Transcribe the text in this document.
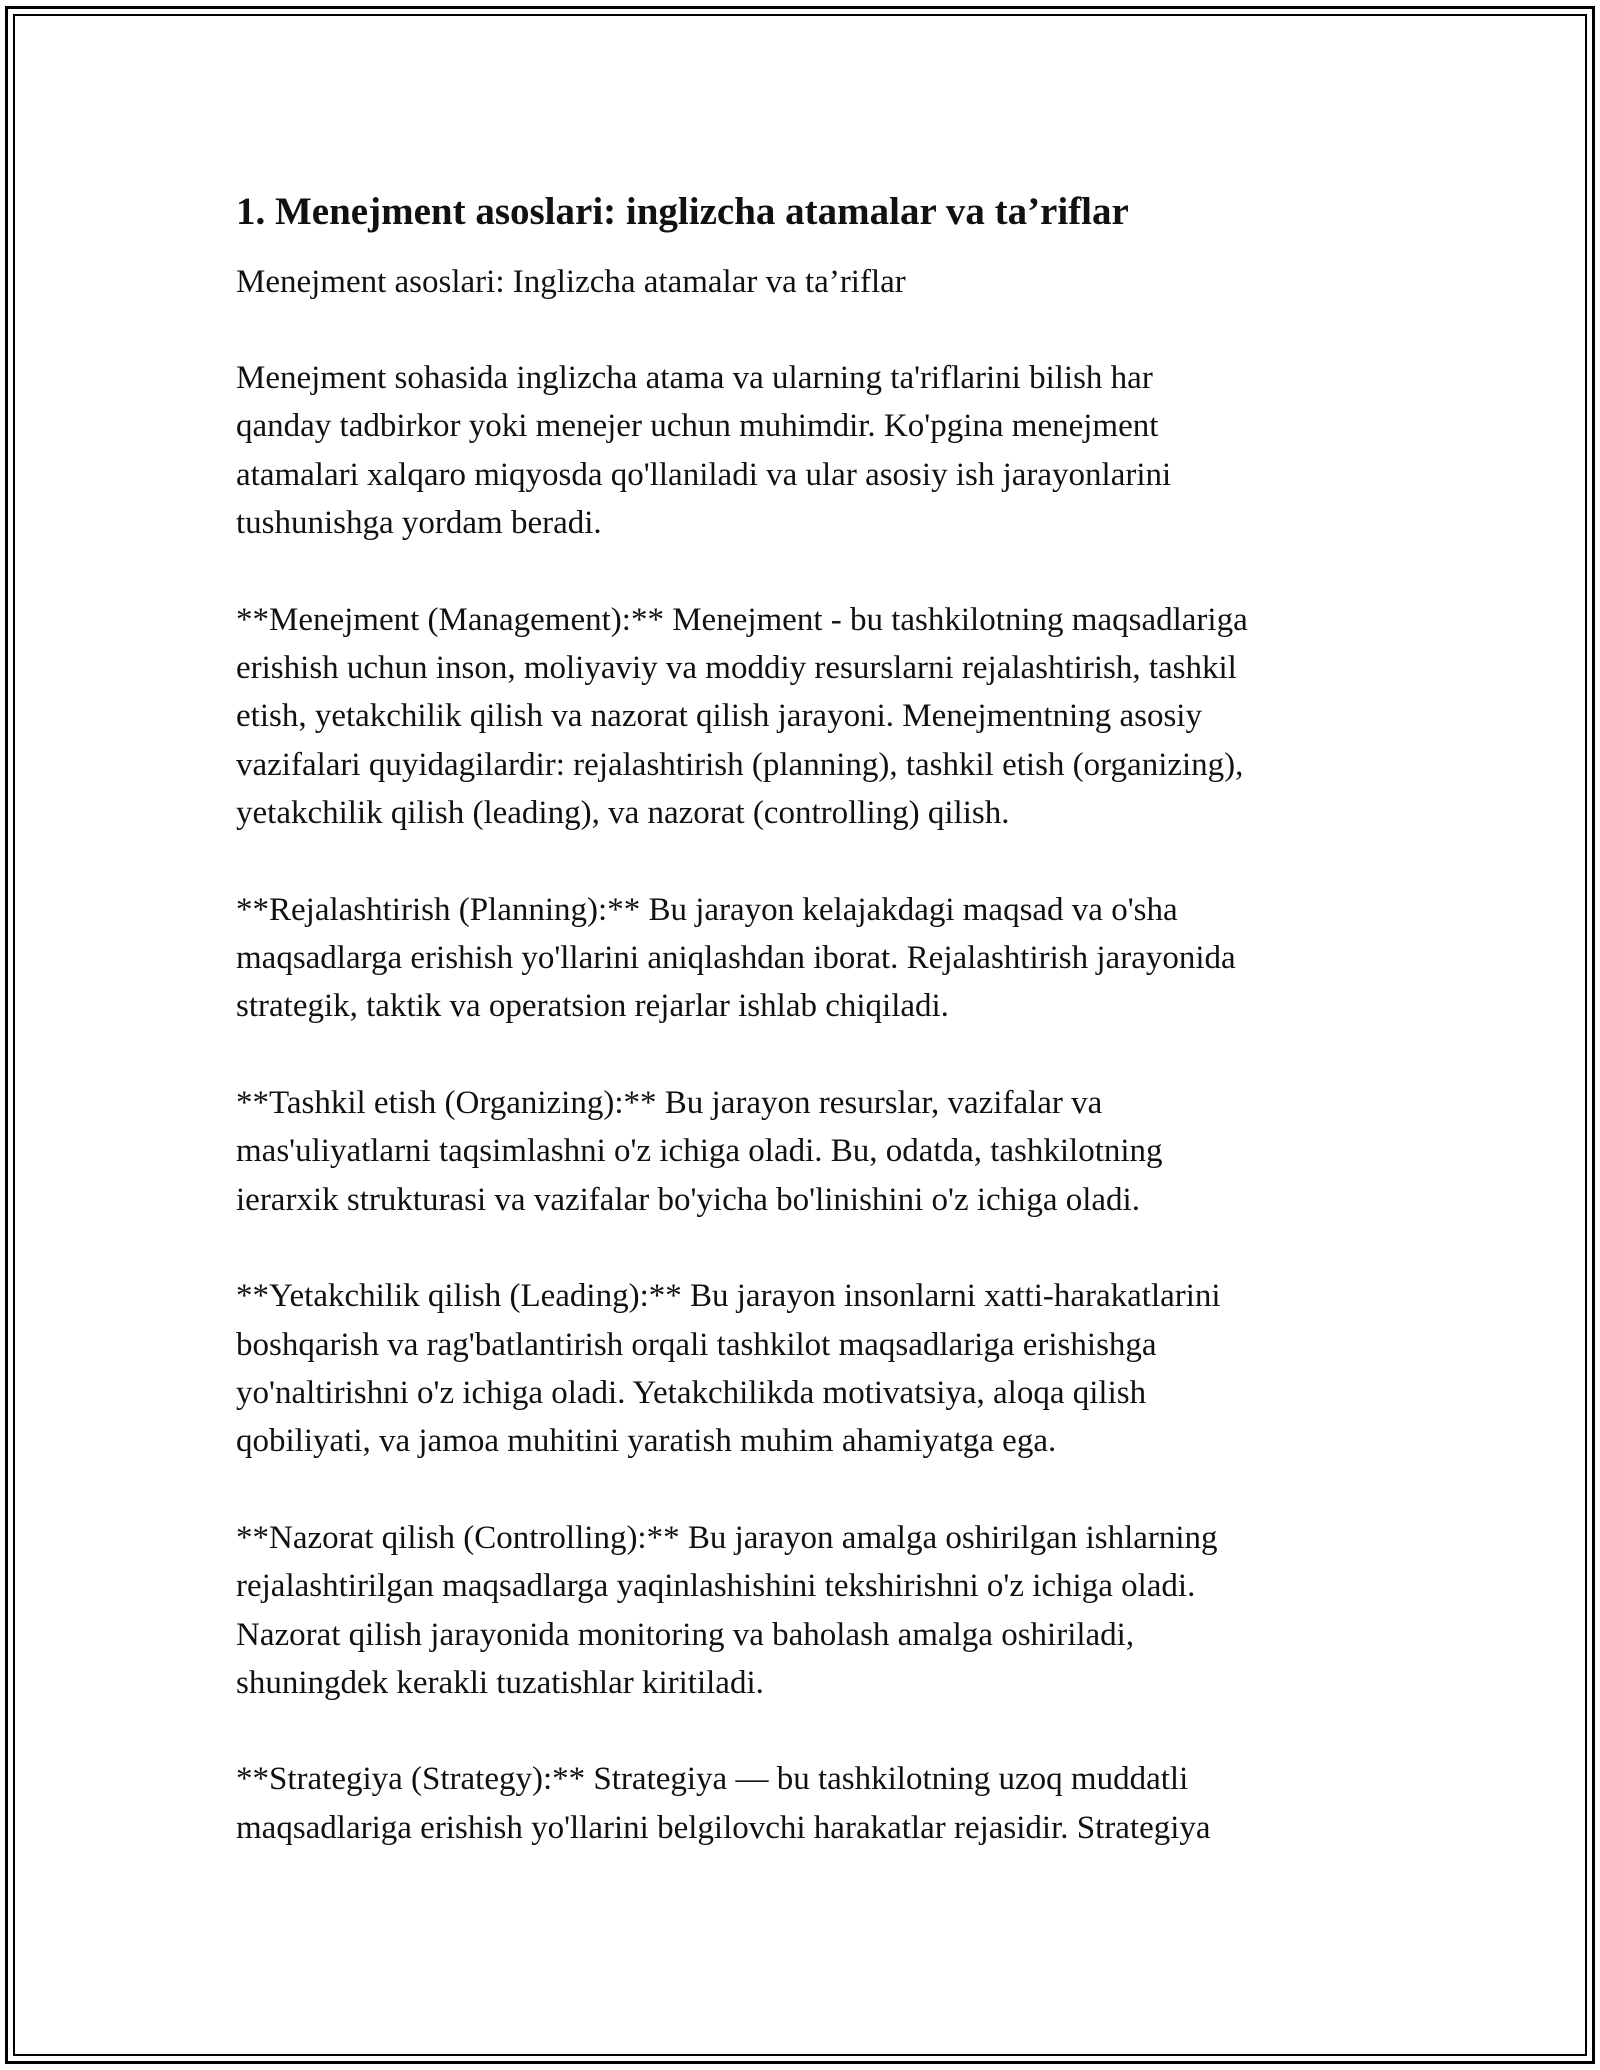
1. Menejment asoslari: inglizcha atamalar va ta’riflar

Menejment asoslari: Inglizcha atamalar va ta’riflar

Menejment sohasida inglizcha atama va ularning ta'riflarini bilish har
qanday tadbirkor yoki menejer uchun muhimdir. Ko'pgina menejment
atamalari xalqaro miqyosda qo'llaniladi va ular asosiy ish jarayonlarini
tushunishga yordam beradi.

**Menejment (Management):** Menejment - bu tashkilotning maqsadlariga
erishish uchun inson, moliyaviy va moddiy resurslarni rejalashtirish, tashkil
etish, yetakchilik qilish va nazorat qilish jarayoni. Menejmentning asosiy
vazifalari quyidagilardir: rejalashtirish (planning), tashkil etish (organizing),
yetakchilik qilish (leading), va nazorat (controlling) qilish.

**Rejalashtirish (Planning):** Bu jarayon kelajakdagi maqsad va o'sha
maqsadlarga erishish yo'llarini aniqlashdan iborat. Rejalashtirish jarayonida
strategik, taktik va operatsion rejarlar ishlab chiqiladi.

**Tashkil etish (Organizing):** Bu jarayon resurslar, vazifalar va
mas'uliyatlarni taqsimlashni o'z ichiga oladi. Bu, odatda, tashkilotning
ierarxik strukturasi va vazifalar bo'yicha bo'linishini o'z ichiga oladi.

**Yetakchilik qilish (Leading):** Bu jarayon insonlarni xatti-harakatlarini
boshqarish va rag'batlantirish orqali tashkilot maqsadlariga erishishga
yo'naltirishni o'z ichiga oladi. Yetakchilikda motivatsiya, aloqa qilish
qobiliyati, va jamoa muhitini yaratish muhim ahamiyatga ega.

**Nazorat qilish (Controlling):** Bu jarayon amalga oshirilgan ishlarning
rejalashtirilgan maqsadlarga yaqinlashishini tekshirishni o'z ichiga oladi.
Nazorat qilish jarayonida monitoring va baholash amalga oshiriladi,
shuningdek kerakli tuzatishlar kiritiladi.

**Strategiya (Strategy):** Strategiya — bu tashkilotning uzoq muddatli
maqsadlariga erishish yo'llarini belgilovchi harakatlar rejasidir. Strategiya
